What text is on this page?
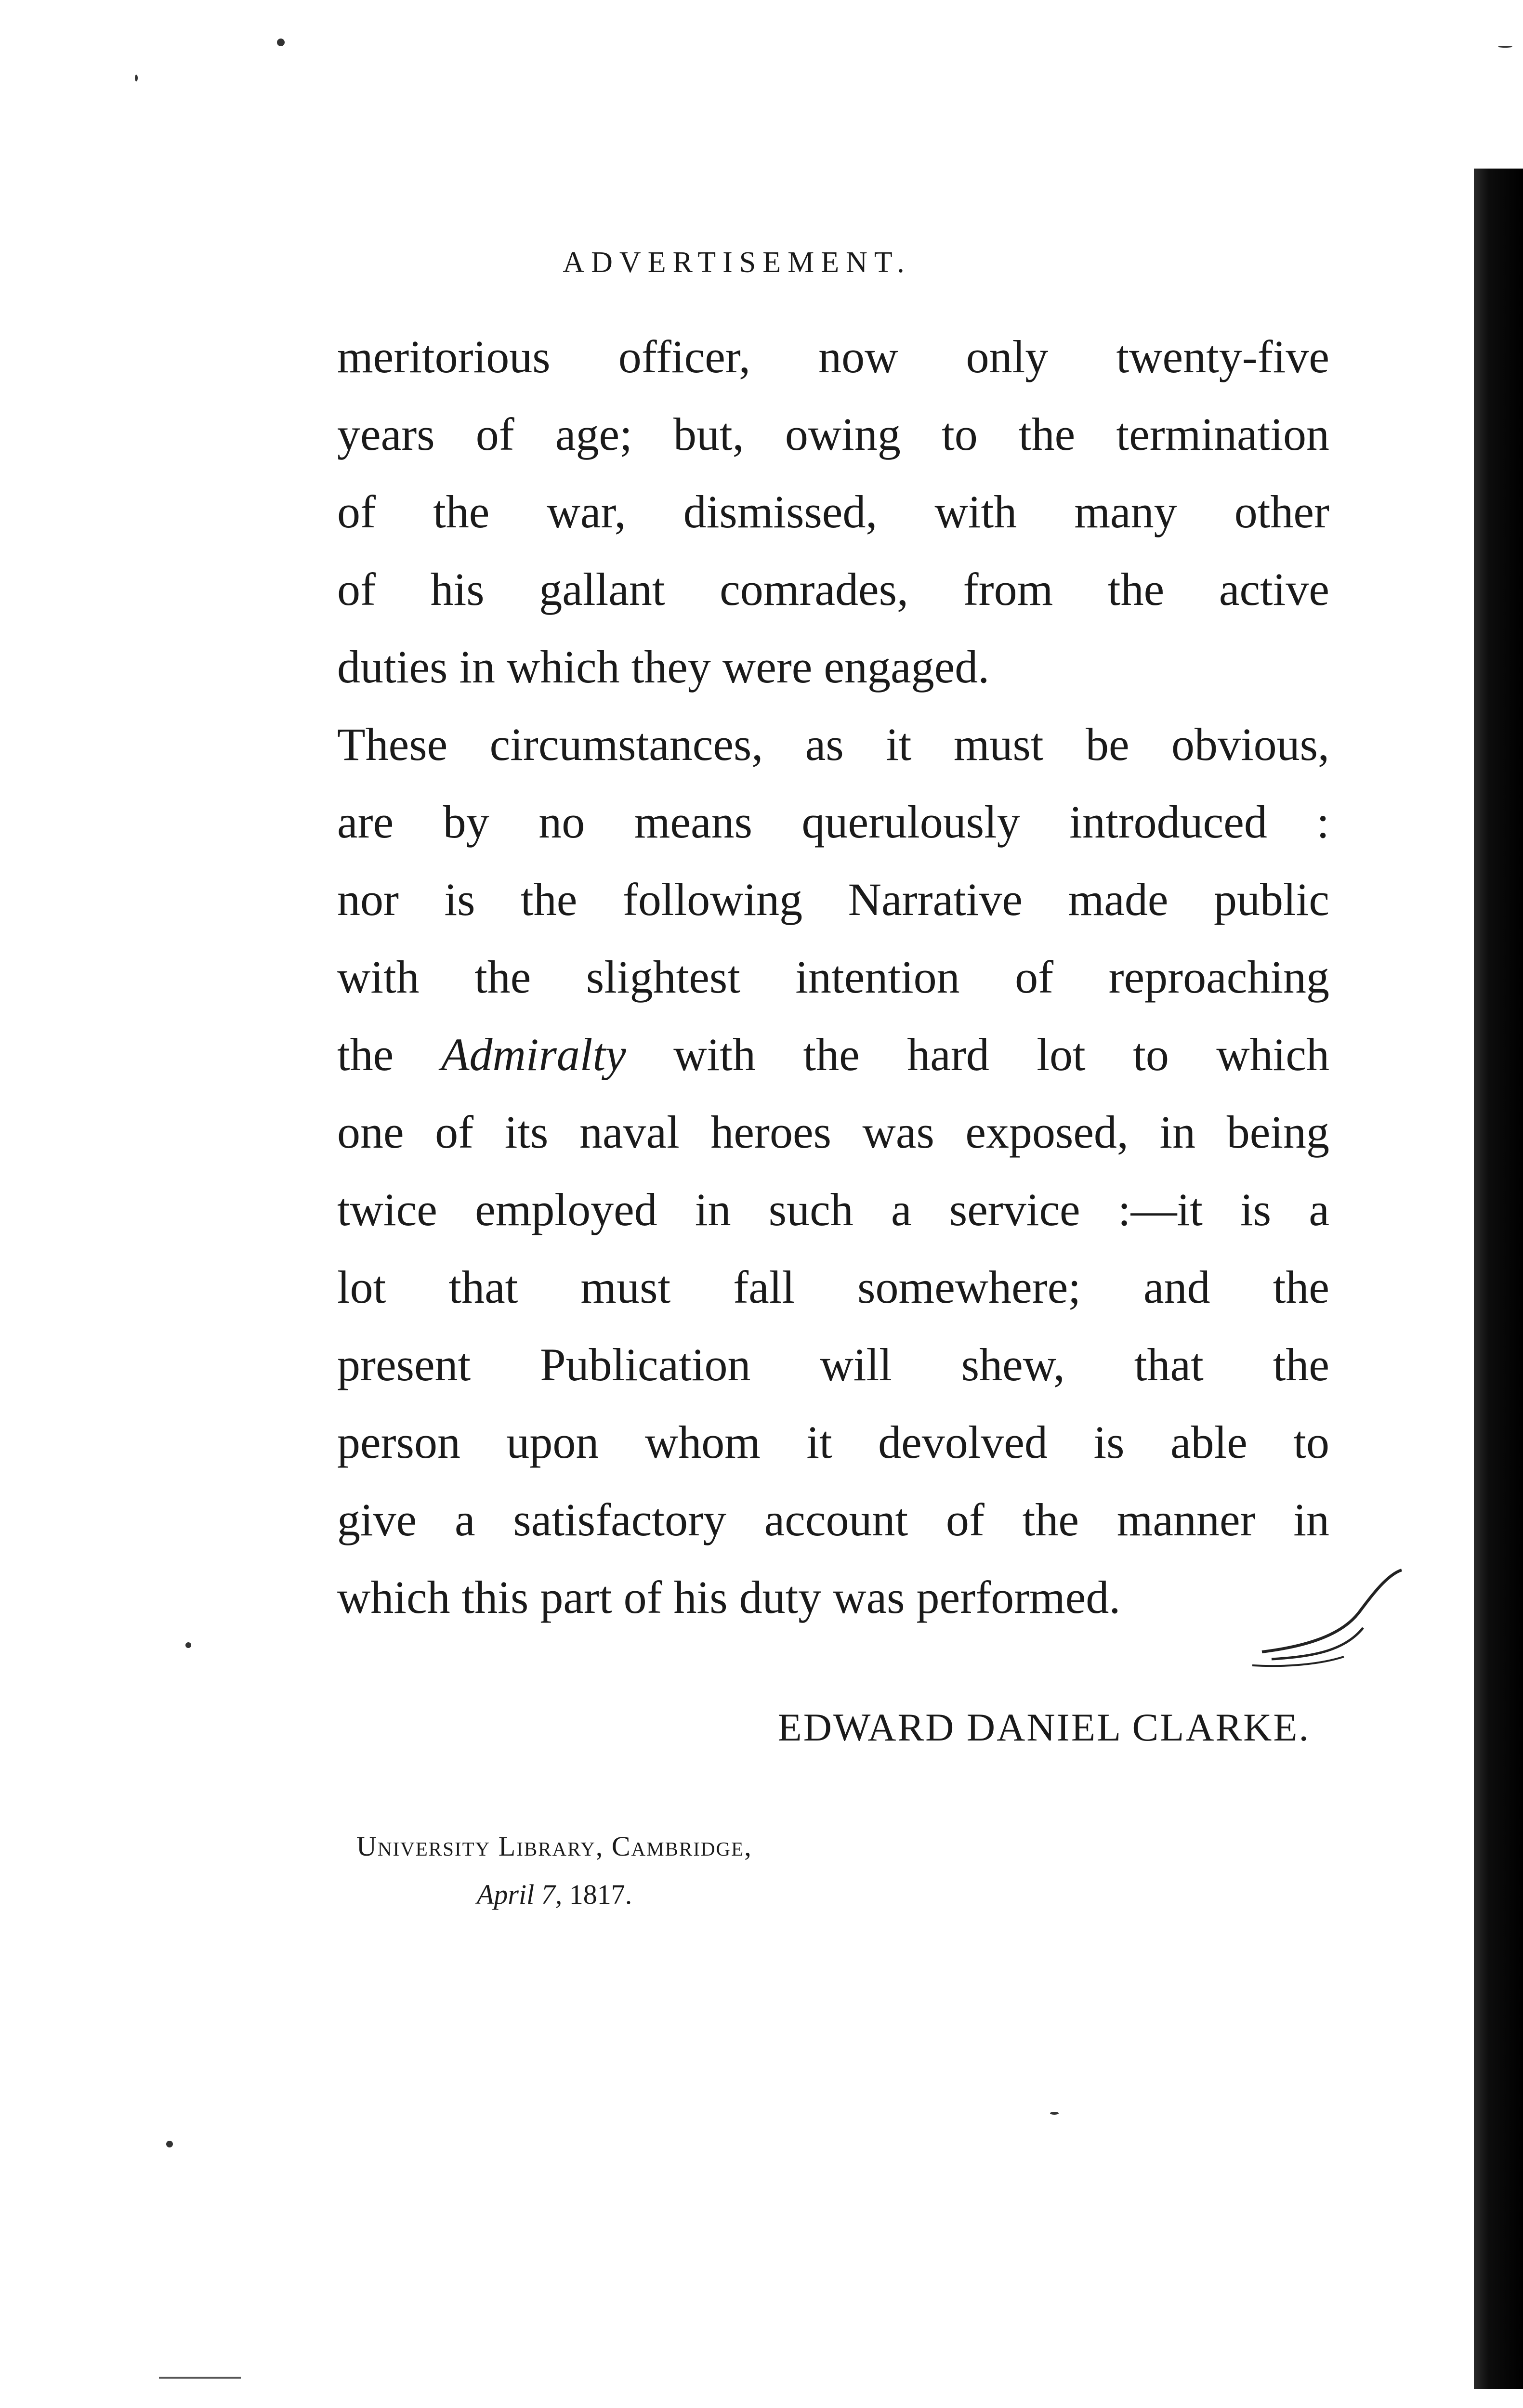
ADVERTISEMENT.
meritorious officer, now only twenty-five
years of age; but, owing to the termination
of the war, dismissed, with many other
of his gallant comrades, from the active
duties in which they were engaged.
These circumstances, as it must be obvious,
are by no means querulously introduced :
nor is the following Narrative made public
with the slightest intention of reproaching
the Admiralty with the hard lot to which
one of its naval heroes was exposed, in being
twice employed in such a service :—it is a
lot that must fall somewhere; and the
present Publication will shew, that the
person upon whom it devolved is able to
give a satisfactory account of the manner in
which this part of his duty was performed.
EDWARD DANIEL CLARKE.
University Library, Cambridge,
April 7, 1817.
